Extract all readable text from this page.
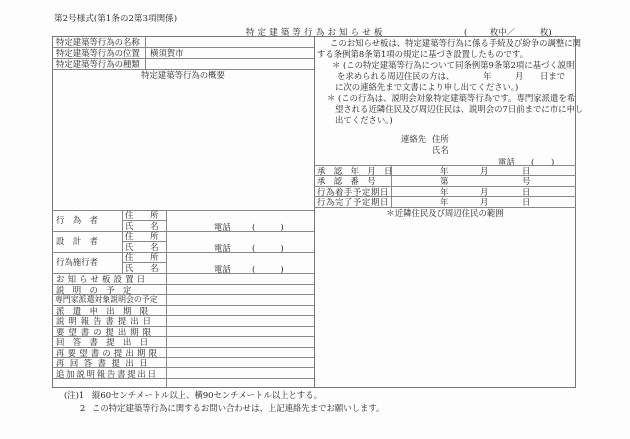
第2号様式(第1条の2第3項関係)
特 定 建 築 等 行 為 お 知 ら せ 板	(	枚中／	枚)
特定建築等行為の名称
特定建築等行為の位置 横須賀市
特定建築等行為の種類
特定建築等行為の概要
行　為　者	住　　所
氏　　名	電話	(　　　)
設　計　者	住　　所
氏　　名	電話	(　　　)
行為施行者	住　　所
氏　　名	電話	(　　　)
お知らせ板設置日
説　明　の　予　定
専門家派遣対象説明会の予定
派　遣　申　出　期　限
説明報告書提出日
要望書の提出期限
回　答　書　提　出　日
再要望書の提出期限
再回答書提出日
追加説明報告書提出日
このお知らせ板は、特定建築等行為に係る手続及び紛争の調整に関
する条例第8条第1項の規定に基づき設置したものです。
＊ (この特定建築等行為について同条例第9条第2項に基づく説明
を求められる周辺住民の方は、	年	月 日まで
に次の連絡先まで文書により申し出てください。)
＊ (この行為は、説明会対象特定建築等行為です。専門家派遣を希
望される近隣住民及び周辺住民は、説明会の7日前までに市に申し
出てください。)
連絡先 住所
氏名
電話 (　　)
承　認　年　月　日	年	月	日
承　認　番　号	第	号
行為着手予定期日	年	月	日
行為完了予定期日	年	月	日
＊近隣住民及び周辺住民の範囲
(注)1 縦60センチメートル以上、横90センチメートル以上とする。
2 この特定建築等行為に関するお問い合わせは、上記連絡先までお願いします。
